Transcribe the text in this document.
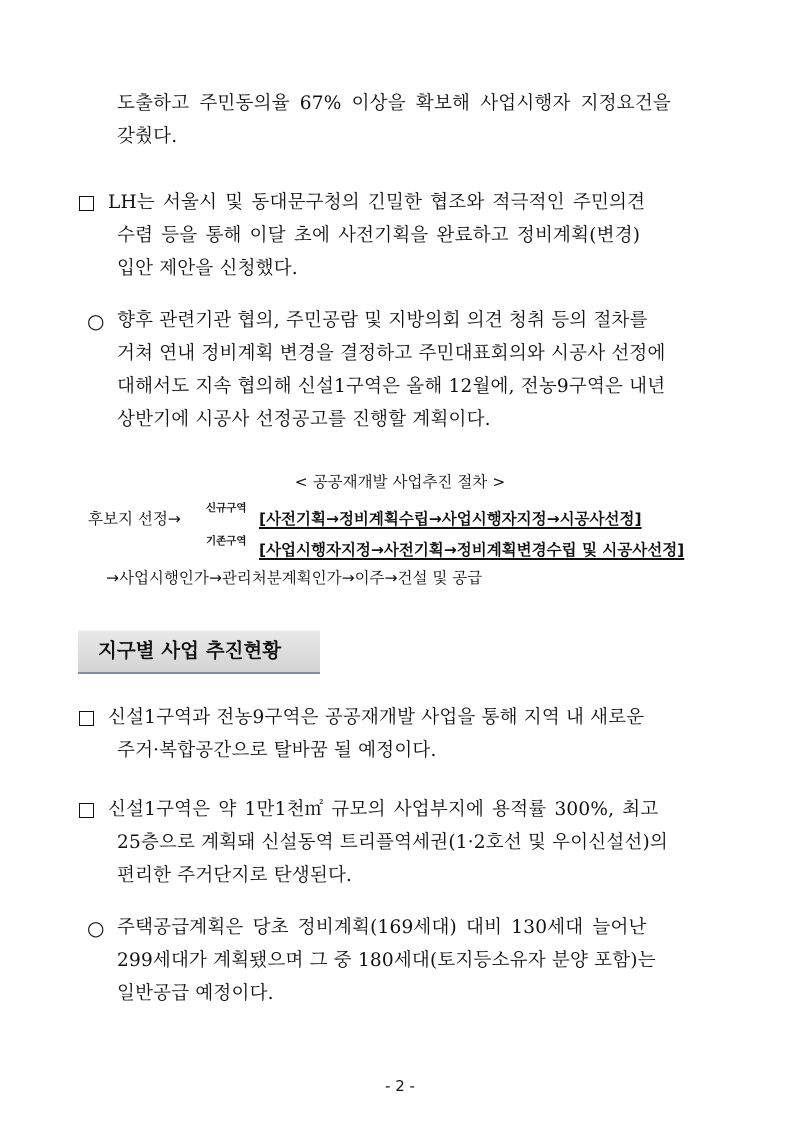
도출하고 주민동의율 67% 이상을 확보해 사업시행자 지정요건을
갖췄다.
LH는 서울시 및 동대문구청의 긴밀한 협조와 적극적인 주민의견
수렴 등을 통해 이달 초에 사전기획을 완료하고 정비계획(변경)
입안 제안을 신청했다.
○ 향후 관련기관 협의, 주민공람 및 지방의회 의견 청취 등의 절차를
거쳐 연내 정비계획 변경을 결정하고 주민대표회의와 시공사 선정에
대해서도 지속 협의해 신설1구역은 올해 12월에, 전농9구역은 내년
상반기에 시공사 선정공고를 진행할 계획이다.
< 공공재개발 사업추진 절차 >
후보지 선정→
신규구역
[사전기획→정비계획수립→사업시행자지정→시공사선정]
기존구역 [사업시행자지정→사전기획→정비계획변경수립 및 시공사선정]
→사업시행인가→관리처분계획인가→이주→건설 및 공급
지구별 사업 추진현황
신설1구역과 전농9구역은 공공재개발 사업을 통해 지역 내 새로운
주거·복합공간으로 탈바꿈 될 예정이다.
신설1구역은 약 1만1천㎡ 규모의 사업부지에 용적률 300%, 최고
25층으로 계획돼 신설동역 트리플역세권(1·2호선 및 우이신설선)의
편리한 주거단지로 탄생된다.
○ 주택공급계획은 당초 정비계획(169세대) 대비 130세대 늘어난
299세대가 계획됐으며 그 중 180세대(토지등소유자 분양 포함)는
일반공급 예정이다.
- 2 -
